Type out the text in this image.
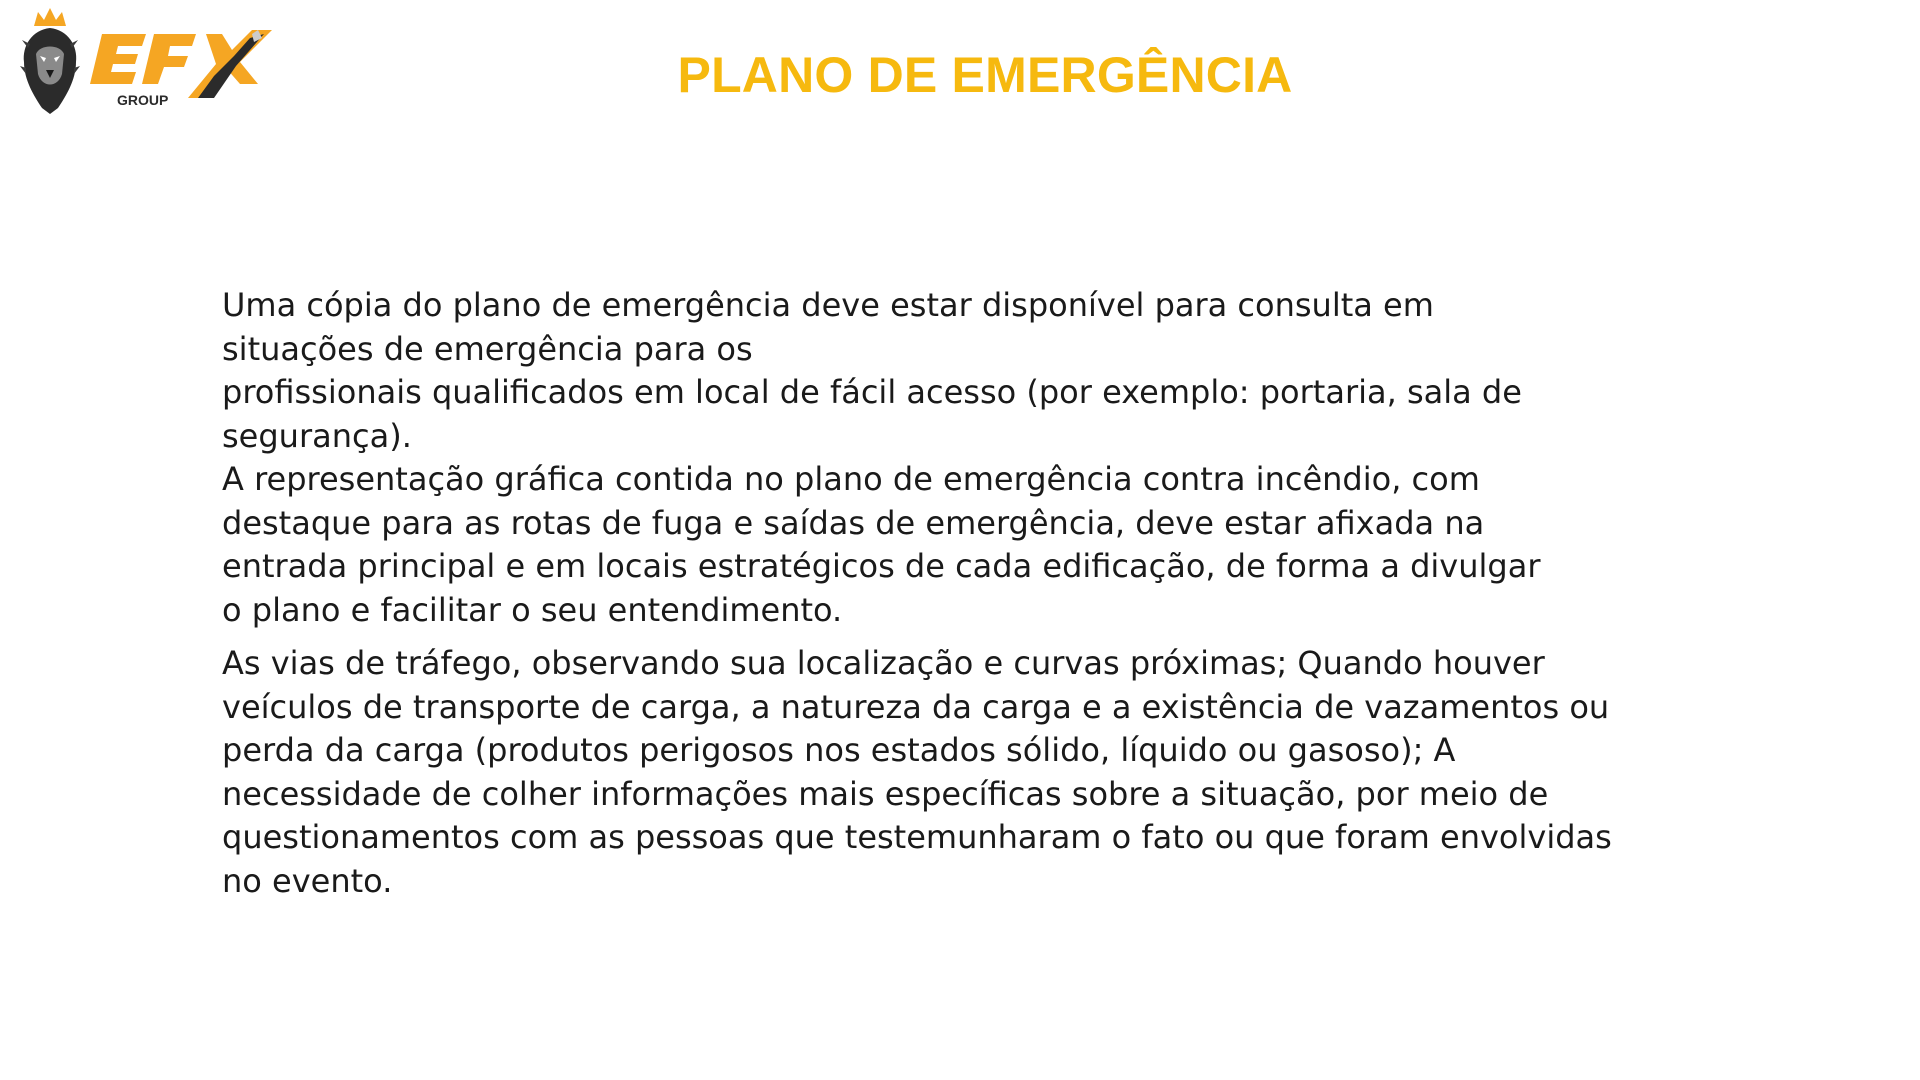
GROUP	PLANO DE EMERGÊNCIA

Uma cópia do plano de emergência deve estar disponível para consulta em
situações de emergência para os
profissionais qualificados em local de fácil acesso (por exemplo: portaria, sala de
segurança).

A representação gráfica contida no plano de emergência contra incêndio, com
destaque para as rotas de fuga e saídas de emergência, deve estar afixada na
entrada principal e em locais estratégicos de cada edificação, de forma a divulgar
o plano e facilitar o seu entendimento.

As vias de tráfego, observando sua localização e curvas próximas; Quando houver
veículos de transporte de carga, a natureza da carga e a existência de vazamentos ou
perda da carga (produtos perigosos nos estados sólido, líquido ou gasoso); A
necessidade de colher informações mais específicas sobre a situação, por meio de
questionamentos com as pessoas que testemunharam o fato ou que foram envolvidas
no evento.
